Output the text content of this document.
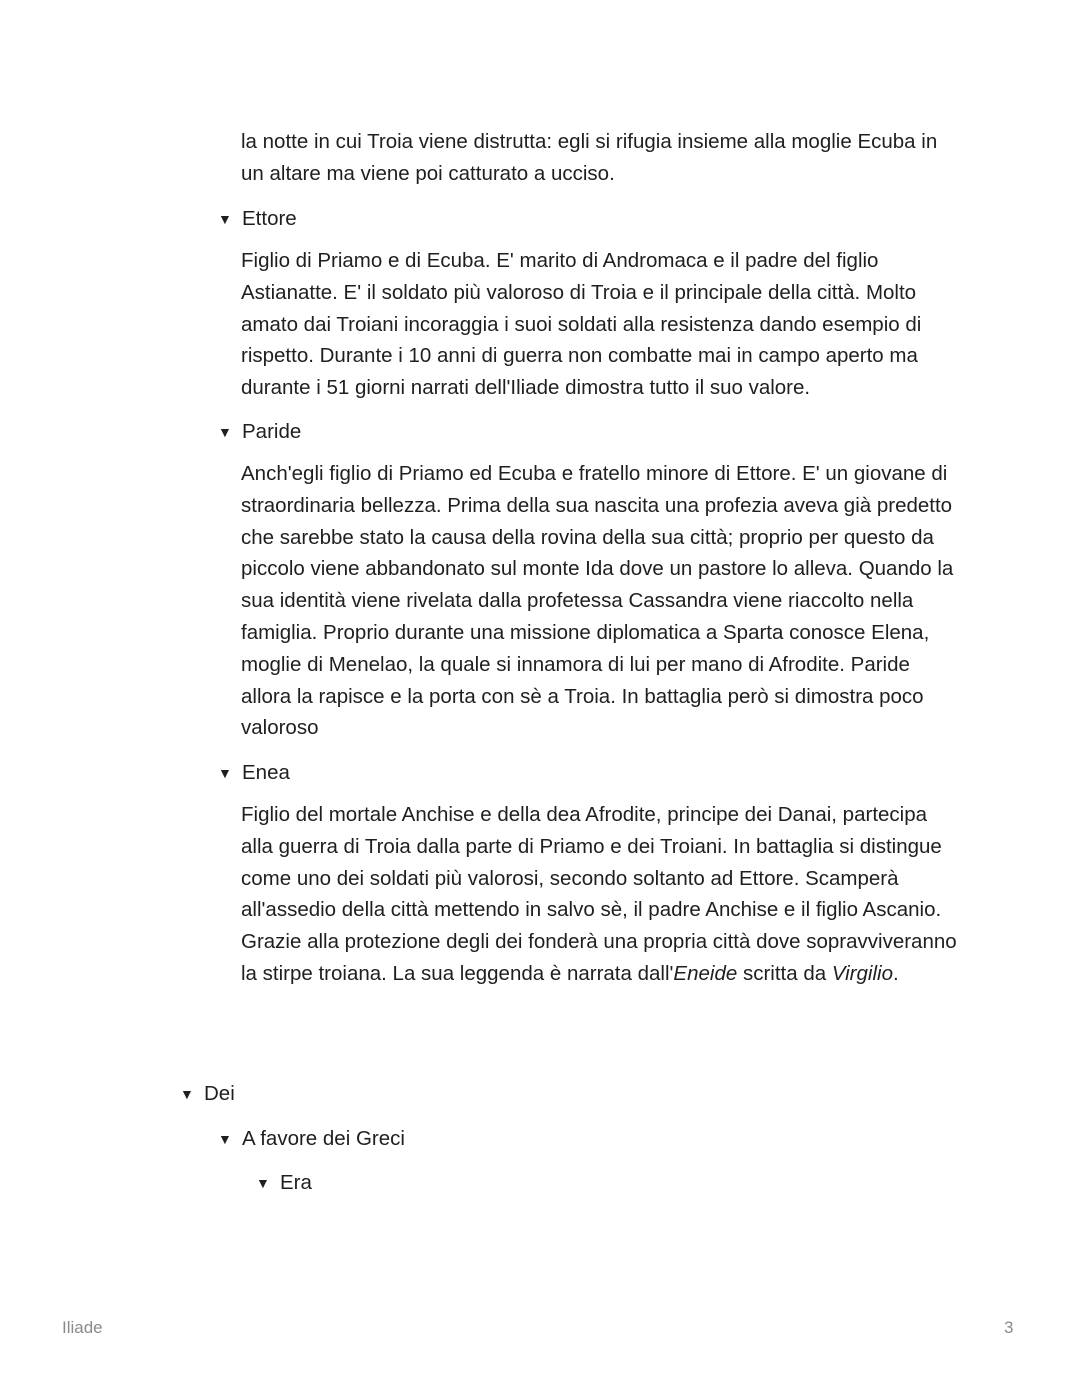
la notte in cui Troia viene distrutta: egli si rifugia insieme alla moglie Ecuba in un altare ma viene poi catturato a ucciso.

▼ Ettore

Figlio di Priamo e di Ecuba. E' marito di Andromaca e il padre del figlio Astianatte. E' il soldato più valoroso di Troia e il principale della città. Molto amato dai Troiani incoraggia i suoi soldati alla resistenza dando esempio di rispetto. Durante i 10 anni di guerra non combatte mai in campo aperto ma durante i 51 giorni narrati dell'Iliade dimostra tutto il suo valore.

▼ Paride

Anch'egli figlio di Priamo ed Ecuba e fratello minore di Ettore. E' un giovane di straordinaria bellezza. Prima della sua nascita una profezia aveva già predetto che sarebbe stato la causa della rovina della sua città; proprio per questo da piccolo viene abbandonato sul monte Ida dove un pastore lo alleva. Quando la sua identità viene rivelata dalla profetessa Cassandra viene riaccolto nella famiglia. Proprio durante una missione diplomatica a Sparta conosce Elena, moglie di Menelao, la quale si innamora di lui per mano di Afrodite. Paride allora la rapisce e la porta con sè a Troia. In battaglia però si dimostra poco valoroso

▼ Enea

Figlio del mortale Anchise e della dea Afrodite, principe dei Danai, partecipa alla guerra di Troia dalla parte di Priamo e dei Troiani. In battaglia si distingue come uno dei soldati più valorosi, secondo soltanto ad Ettore. Scamperà all'assedio della città mettendo in salvo sè, il padre Anchise e il figlio Ascanio. Grazie alla protezione degli dei fonderà una propria città dove sopravviveranno la stirpe troiana. La sua leggenda è narrata dall'Eneide scritta da Virgilio.

▼ Dei
▼ A favore dei Greci
▼ Era
Iliade	3
